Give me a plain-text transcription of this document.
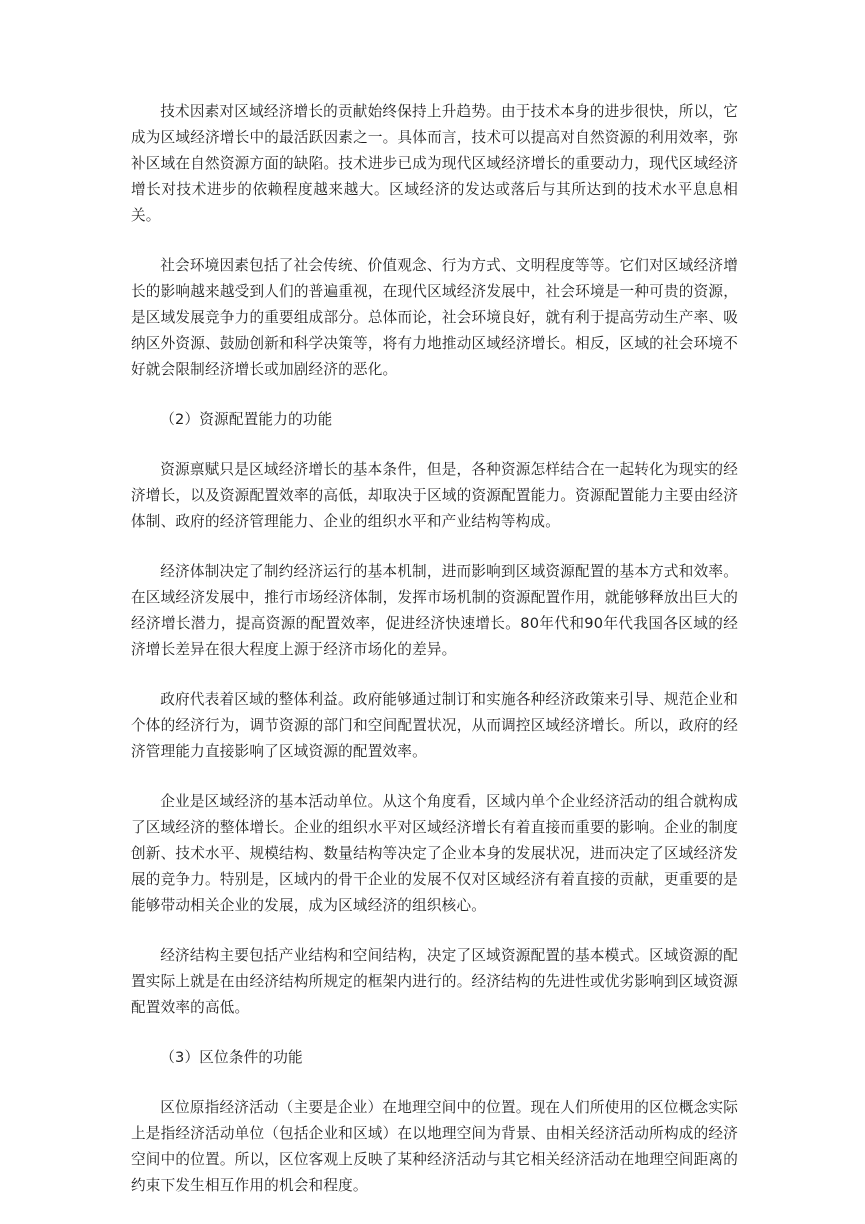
技术因素对区域经济增长的贡献始终保持上升趋势。由于技术本身的进步很快，所以，它成为区域经济增长中的最活跃因素之一。具体而言，技术可以提高对自然资源的利用效率，弥补区域在自然资源方面的缺陷。技术进步已成为现代区域经济增长的重要动力，现代区域经济增长对技术进步的依赖程度越来越大。区域经济的发达或落后与其所达到的技术水平息息相关。

社会环境因素包括了社会传统、价值观念、行为方式、文明程度等等。它们对区域经济增长的影响越来越受到人们的普遍重视，在现代区域经济发展中，社会环境是一种可贵的资源，是区域发展竞争力的重要组成部分。总体而论，社会环境良好，就有利于提高劳动生产率、吸纳区外资源、鼓励创新和科学决策等，将有力地推动区域经济增长。相反，区域的社会环境不好就会限制经济增长或加剧经济的恶化。

（2）资源配置能力的功能

资源禀赋只是区域经济增长的基本条件，但是，各种资源怎样结合在一起转化为现实的经济增长，以及资源配置效率的高低，却取决于区域的资源配置能力。资源配置能力主要由经济体制、政府的经济管理能力、企业的组织水平和产业结构等构成。

经济体制决定了制约经济运行的基本机制，进而影响到区域资源配置的基本方式和效率。在区域经济发展中，推行市场经济体制，发挥市场机制的资源配置作用，就能够释放出巨大的经济增长潜力，提高资源的配置效率，促进经济快速增长。80年代和90年代我国各区域的经济增长差异在很大程度上源于经济市场化的差异。

政府代表着区域的整体利益。政府能够通过制订和实施各种经济政策来引导、规范企业和个体的经济行为，调节资源的部门和空间配置状况，从而调控区域经济增长。所以，政府的经济管理能力直接影响了区域资源的配置效率。

企业是区域经济的基本活动单位。从这个角度看，区域内单个企业经济活动的组合就构成了区域经济的整体增长。企业的组织水平对区域经济增长有着直接而重要的影响。企业的制度创新、技术水平、规模结构、数量结构等决定了企业本身的发展状况，进而决定了区域经济发展的竞争力。特别是，区域内的骨干企业的发展不仅对区域经济有着直接的贡献，更重要的是能够带动相关企业的发展，成为区域经济的组织核心。

经济结构主要包括产业结构和空间结构，决定了区域资源配置的基本模式。区域资源的配置实际上就是在由经济结构所规定的框架内进行的。经济结构的先进性或优劣影响到区域资源配置效率的高低。

（3）区位条件的功能

区位原指经济活动（主要是企业）在地理空间中的位置。现在人们所使用的区位概念实际上是指经济活动单位（包括企业和区域）在以地理空间为背景、由相关经济活动所构成的经济空间中的位置。所以，区位客观上反映了某种经济活动与其它相关经济活动在地理空间距离的约束下发生相互作用的机会和程度。
